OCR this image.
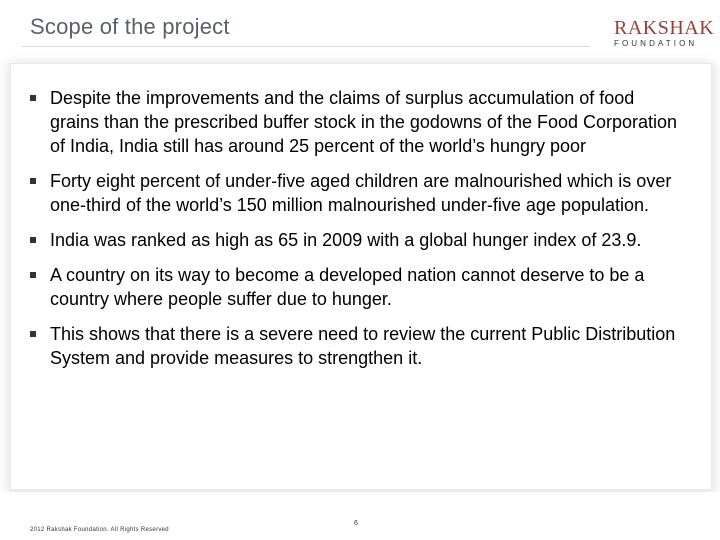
Scope of the project	RAKSHAK
FOUNDATION
Despite the improvements and the claims of surplus accumulation of food grains than the prescribed buffer stock in the godowns of the Food Corporation of India, India still has around 25 percent of the world’s hungry poor
Forty eight percent of under-five aged children are malnourished which is over one-third of the world’s 150 million malnourished under-five age population.
India was ranked as high as 65 in 2009 with a global hunger index of 23.9.
A country on its way to become a developed nation cannot deserve to be a country where people suffer due to hunger.
This shows that there is a severe need to review the current Public Distribution System and provide measures to strengthen it.
2012 Rakshak Foundation. All Rights Reserved
6
